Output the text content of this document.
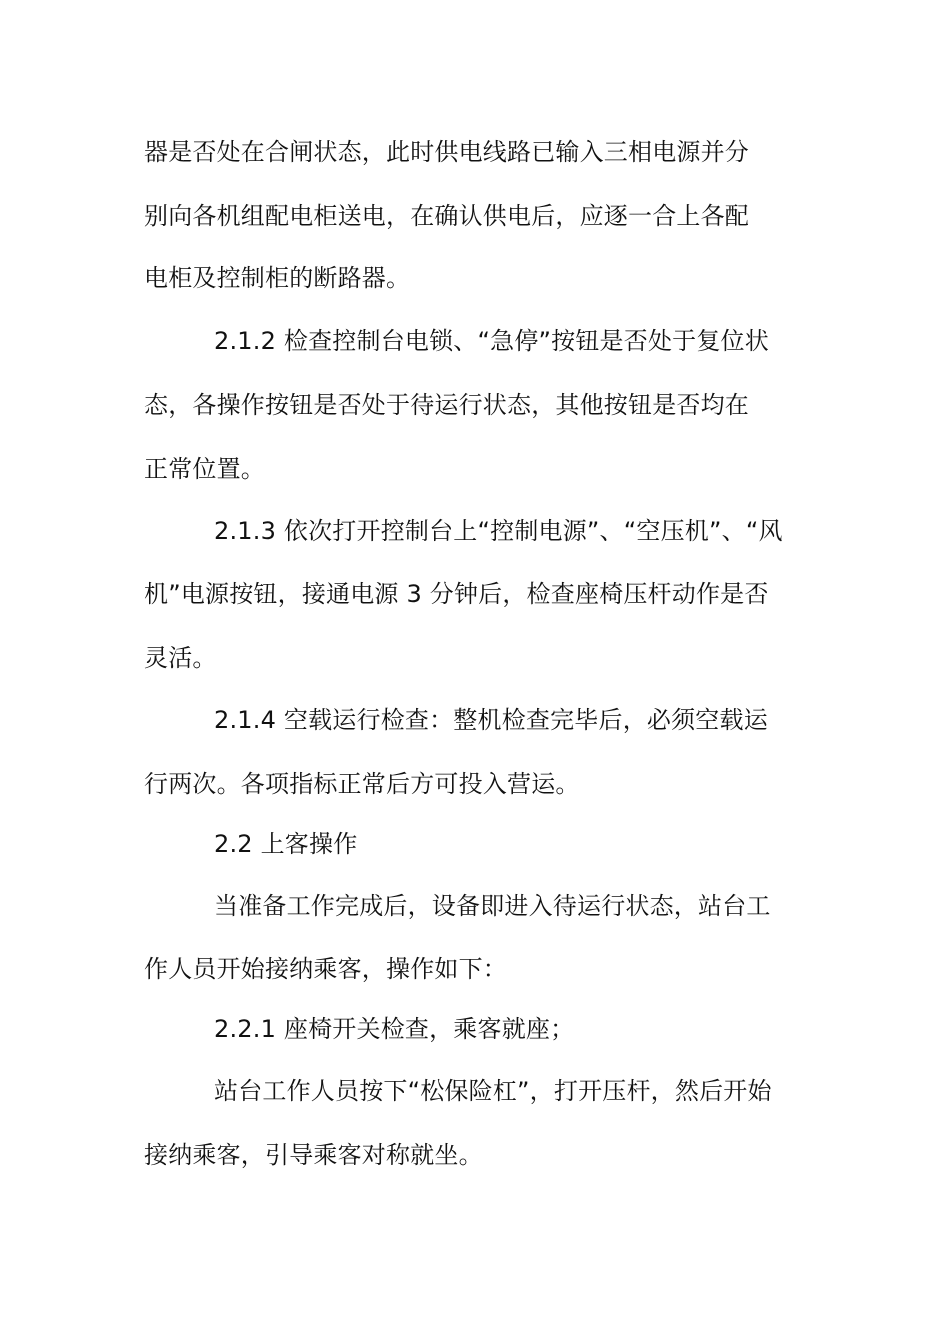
器是否处在合闸状态，此时供电线路已输入三相电源并分
别向各机组配电柜送电，在确认供电后，应逐一合上各配
电柜及控制柜的断路器。
2.1.2 检查控制台电锁、“急停”按钮是否处于复位状
态，各操作按钮是否处于待运行状态，其他按钮是否均在
正常位置。
2.1.3 依次打开控制台上“控制电源”、“空压机”、“风
机”电源按钮，接通电源 3 分钟后，检查座椅压杆动作是否
灵活。
2.1.4 空载运行检查：整机检查完毕后，必须空载运
行两次。各项指标正常后方可投入营运。
2.2 上客操作
当准备工作完成后，设备即进入待运行状态，站台工
作人员开始接纳乘客，操作如下：
2.2.1 座椅开关检查，乘客就座；
站台工作人员按下“松保险杠”，打开压杆，然后开始
接纳乘客，引导乘客对称就坐。
